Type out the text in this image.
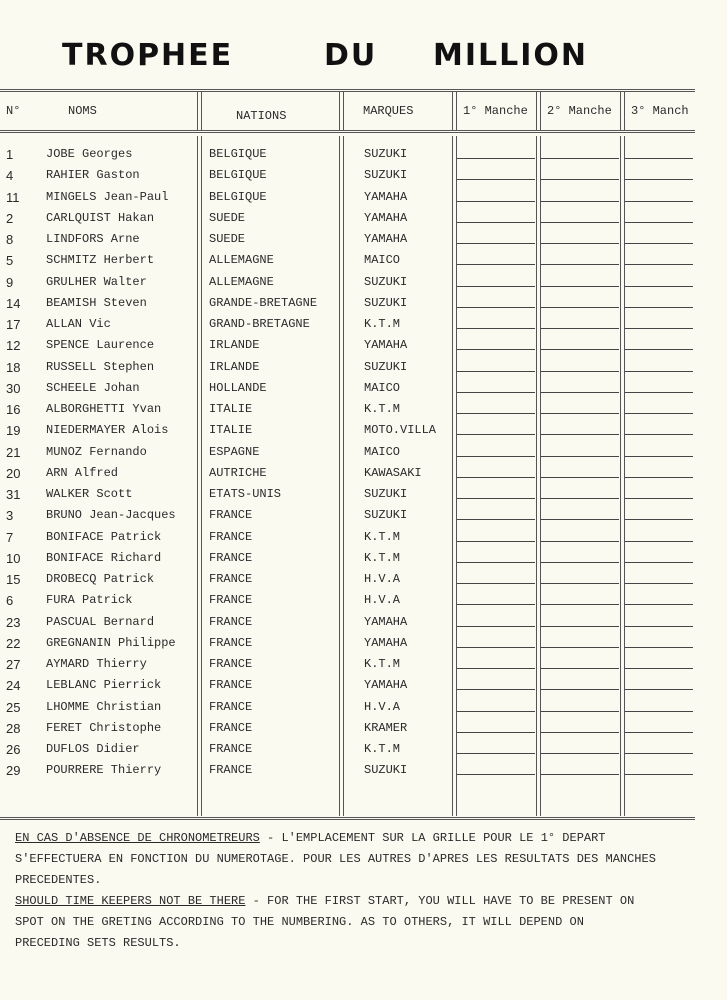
TROPHEE	DU MILLION
N°	NOMS	NATIONS	MARQUES	1° Manche 2° Manche 3° Manch
1	JOBE Georges	BELGIQUE	SUZUKI
4	RAHIER Gaston	BELGIQUE	SUZUKI
11 MINGELS Jean-Paul	BELGIQUE	YAMAHA
2	CARLQUIST Hakan	SUEDE	YAMAHA
8	LINDFORS Arne	SUEDE	YAMAHA
5	SCHMITZ Herbert	ALLEMAGNE	MAICO
9	GRULHER Walter	ALLEMAGNE	SUZUKI
14 BEAMISH Steven	GRANDE-BRETAGNE	SUZUKI
17 ALLAN Vic	GRAND-BRETAGNE	K.T.M
12 SPENCE Laurence	IRLANDE	YAMAHA
18 RUSSELL Stephen	IRLANDE	SUZUKI
30 SCHEELE Johan	HOLLANDE	MAICO
16 ALBORGHETTI Yvan	ITALIE	K.T.M
19 NIEDERMAYER Alois	ITALIE	MOTO.VILLA
21 MUNOZ Fernando	ESPAGNE	MAICO
20 ARN Alfred	AUTRICHE	KAWASAKI
31 WALKER Scott	ETATS-UNIS	SUZUKI
3	BRUNO Jean-Jacques	FRANCE	SUZUKI
7	BONIFACE Patrick	FRANCE	K.T.M
10 BONIFACE Richard	FRANCE	K.T.M
15 DROBECQ Patrick	FRANCE	H.V.A
6	FURA Patrick	FRANCE	H.V.A
23 PASCUAL Bernard	FRANCE	YAMAHA
22 GREGNANIN Philippe	FRANCE	YAMAHA
27 AYMARD Thierry	FRANCE	K.T.M
24 LEBLANC Pierrick	FRANCE	YAMAHA
25 LHOMME Christian	FRANCE	H.V.A
28 FERET Christophe	FRANCE	KRAMER
26 DUFLOS Didier	FRANCE	K.T.M
29 POURRERE Thierry	FRANCE	SUZUKI

EN CAS D'ABSENCE DE CHRONOMETREURS - L'EMPLACEMENT SUR LA GRILLE POUR LE 1° DEPART

S'EFFECTUERA EN FONCTION DU NUMEROTAGE. POUR LES AUTRES D'APRES LES RESULTATS DES MANCHES

PRECEDENTES.

SHOULD TIME KEEPERS NOT BE THERE - FOR THE FIRST START, YOU WILL HAVE TO BE PRESENT ON

SPOT ON THE GRETING ACCORDING TO THE NUMBERING. AS TO OTHERS, IT WILL DEPEND ON

PRECEDING SETS RESULTS.
